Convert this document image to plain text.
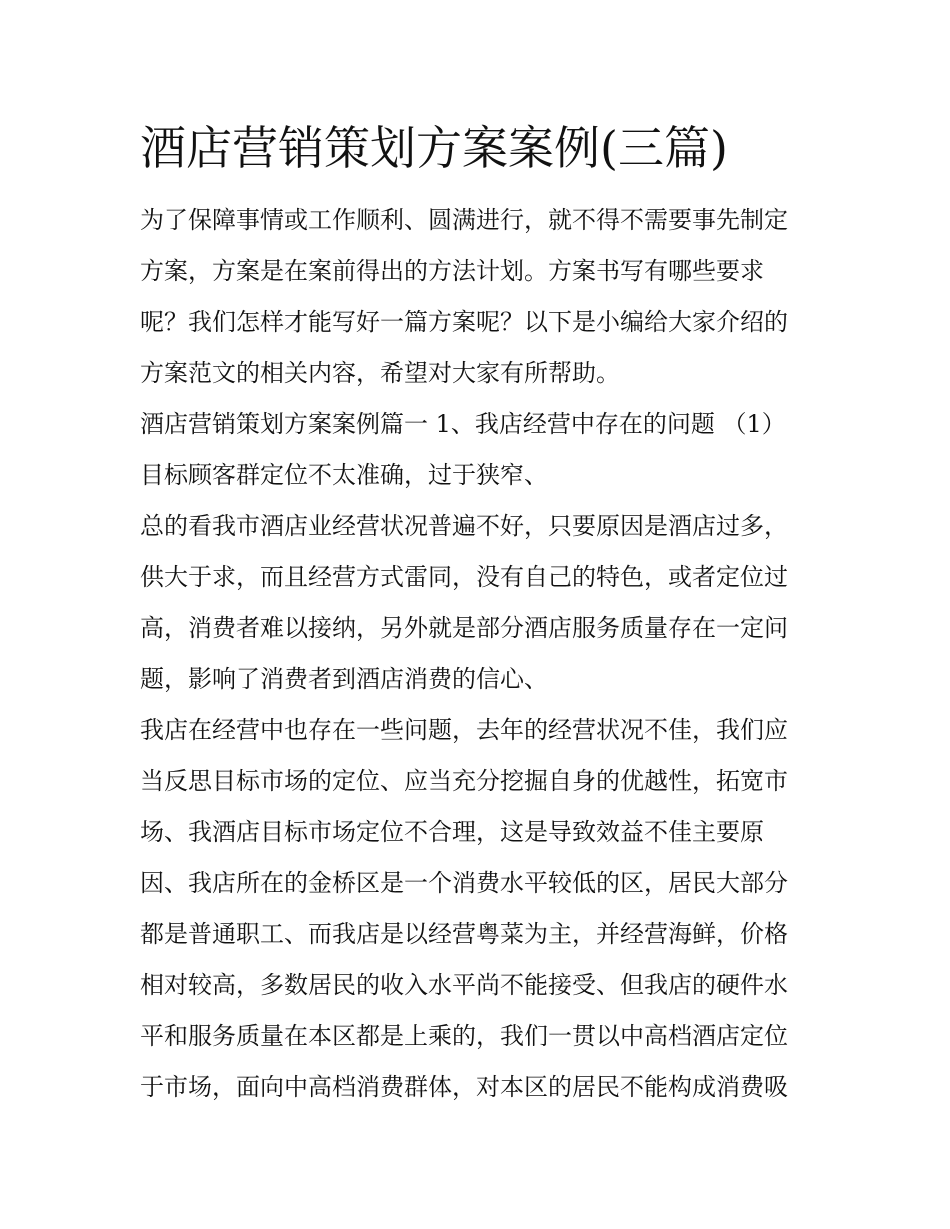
酒店营销策划方案案例(三篇)
为了保障事情或工作顺利、圆满进行，就不得不需要事先制定
方案，方案是在案前得出的方法计划。方案书写有哪些要求
呢？我们怎样才能写好一篇方案呢？以下是小编给大家介绍的
方案范文的相关内容，希望对大家有所帮助。
酒店营销策划方案案例篇一 1、我店经营中存在的问题 （1）
目标顾客群定位不太准确，过于狭窄、
总的看我市酒店业经营状况普遍不好，只要原因是酒店过多，
供大于求，而且经营方式雷同，没有自己的特色，或者定位过
高，消费者难以接纳，另外就是部分酒店服务质量存在一定问
题，影响了消费者到酒店消费的信心、
我店在经营中也存在一些问题，去年的经营状况不佳，我们应
当反思目标市场的定位、应当充分挖掘自身的优越性，拓宽市
场、我酒店目标市场定位不合理，这是导致效益不佳主要原
因、我店所在的金桥区是一个消费水平较低的区，居民大部分
都是普通职工、而我店是以经营粤菜为主，并经营海鲜，价格
相对较高，多数居民的收入水平尚不能接受、但我店的硬件水
平和服务质量在本区都是上乘的，我们一贯以中高档酒店定位
于市场，面向中高档消费群体，对本区的居民不能构成消费吸
